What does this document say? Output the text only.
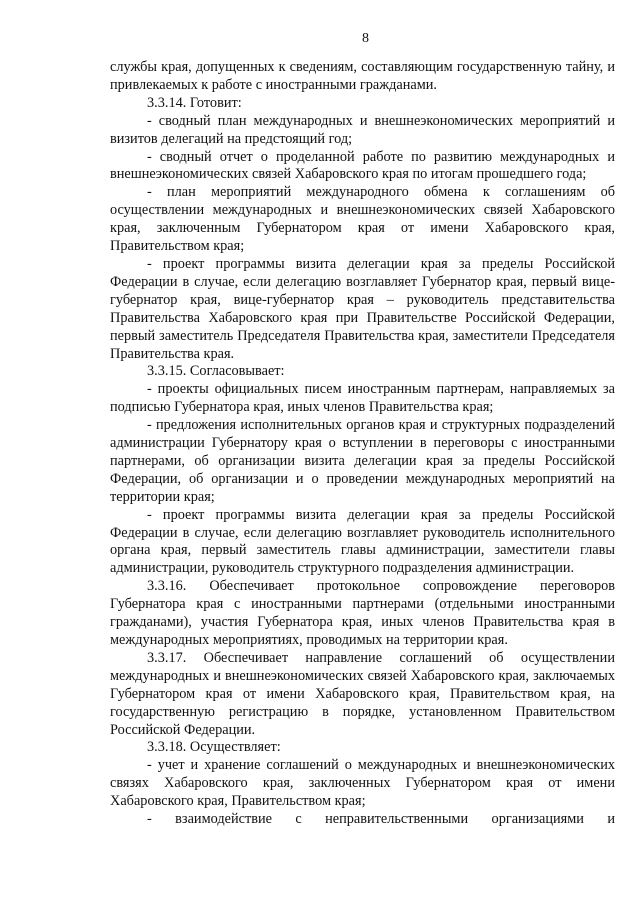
8

службы края, допущенных к сведениям, составляющим государственную тайну, и привлекаемых к работе с иностранными гражданами.

3.3.14. Готовит:

- сводный план международных и внешнеэкономических мероприятий и визитов делегаций на предстоящий год;

- сводный отчет о проделанной работе по развитию международных и внешнеэкономических связей Хабаровского края по итогам прошедшего года;

- план мероприятий международного обмена к соглашениям об осуществлении международных и внешнеэкономических связей Хабаровского края, заключенным Губернатором края от имени Хабаровского края, Правительством края;

- проект программы визита делегации края за пределы Российской Федерации в случае, если делегацию возглавляет Губернатор края, первый вице-губернатор края, вице-губернатор края – руководитель представительства Правительства Хабаровского края при Правительстве Российской Федерации, первый заместитель Председателя Правительства края, заместители Председателя Правительства края.

3.3.15. Согласовывает:

- проекты официальных писем иностранным партнерам, направляемых за подписью Губернатора края, иных членов Правительства края;

- предложения исполнительных органов края и структурных подразделений администрации Губернатору края о вступлении в переговоры с иностранными партнерами, об организации визита делегации края за пределы Российской Федерации, об организации и о проведении международных мероприятий на территории края;

- проект программы визита делегации края за пределы Российской Федерации в случае, если делегацию возглавляет руководитель исполнительного органа края, первый заместитель главы администрации, заместители главы администрации, руководитель структурного подразделения администрации.

3.3.16. Обеспечивает протокольное сопровождение переговоров Губернатора края с иностранными партнерами (отдельными иностранными гражданами), участия Губернатора края, иных членов Правительства края в международных мероприятиях, проводимых на территории края.

3.3.17. Обеспечивает направление соглашений об осуществлении международных и внешнеэкономических связей Хабаровского края, заключаемых Губернатором края от имени Хабаровского края, Правительством края, на государственную регистрацию в порядке, установленном Правительством Российской Федерации.

3.3.18. Осуществляет:

- учет и хранение соглашений о международных и внешнеэкономических связях Хабаровского края, заключенных Губернатором края от имени Хабаровского края, Правительством края;

- взаимодействие с неправительственными организациями и
